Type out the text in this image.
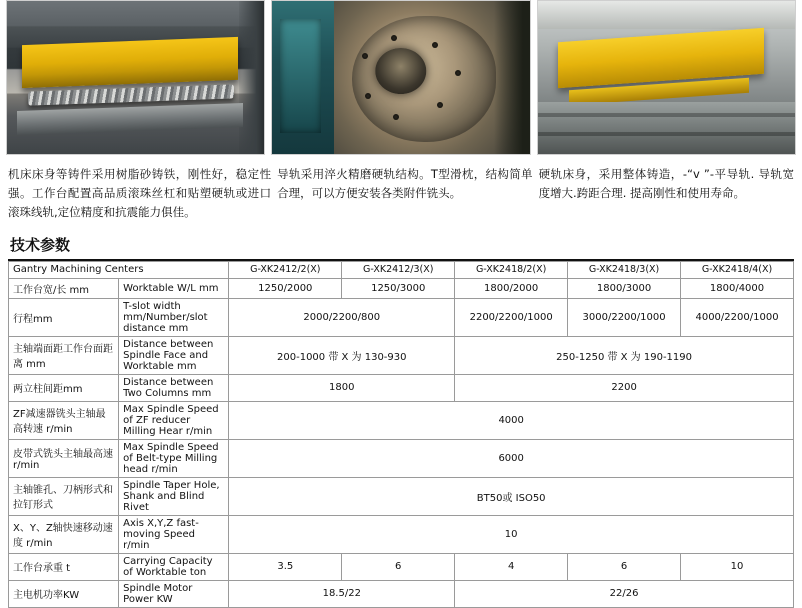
机床床身等铸件采用树脂砂铸铁，刚性好，稳定性强。工作台配置高品质滚珠丝杠和贴塑硬轨或进口滚珠线轨,定位精度和抗震能力俱佳。
导轨采用淬火精磨硬轨结构。T型滑枕，结构简单合理，可以方便安装各类附件铣头。
硬轨床身，采用整体铸造，-“v ”-平导轨. 导轨宽度增大.跨距合理. 提高刚性和使用寿命。
技术参数
Gantry Machining Centers		G-XK2412/2(X)	G-XK2412/3(X)	G-XK2418/2(X)	G-XK2418/3(X)	G-XK2418/4(X)
工作台宽/长 mm	Worktable W/L mm	1250/2000	1250/3000	1800/2000	1800/3000	1800/4000
行程mm	T-slot width mm/Number/slot distance mm	2000/2200/800		2200/2200/1000	3000/2200/1000	4000/2200/1000
主轴端面距工作台面距离 mm	Distance between Spindle Face and Worktable mm	200-1000 带 X 为 130-930		250-1250 带 X 为 190-1190		
两立柱间距mm	Distance between Two Columns mm	1800		2200		
ZF减速器铣头主轴最高转速 r/min	Max Spindle Speed of ZF reducer Milling Hear r/min	4000				
皮带式铣头主轴最高速 r/min	Max Spindle Speed of Belt-type Milling head r/min	6000				
主轴锥孔、刀柄形式和拉钉形式	Spindle Taper Hole, Shank and Blind Rivet	BT50或 ISO50				
X、Y、Z轴快速移动速度 r/min	Axis X,Y,Z fast-moving Speed r/min	10				
工作台承重 t	Carrying Capacity of Worktable ton	3.5	6	4	6	10
主电机功率KW	Spindle Motor Power KW	18.5/22		22/26		
